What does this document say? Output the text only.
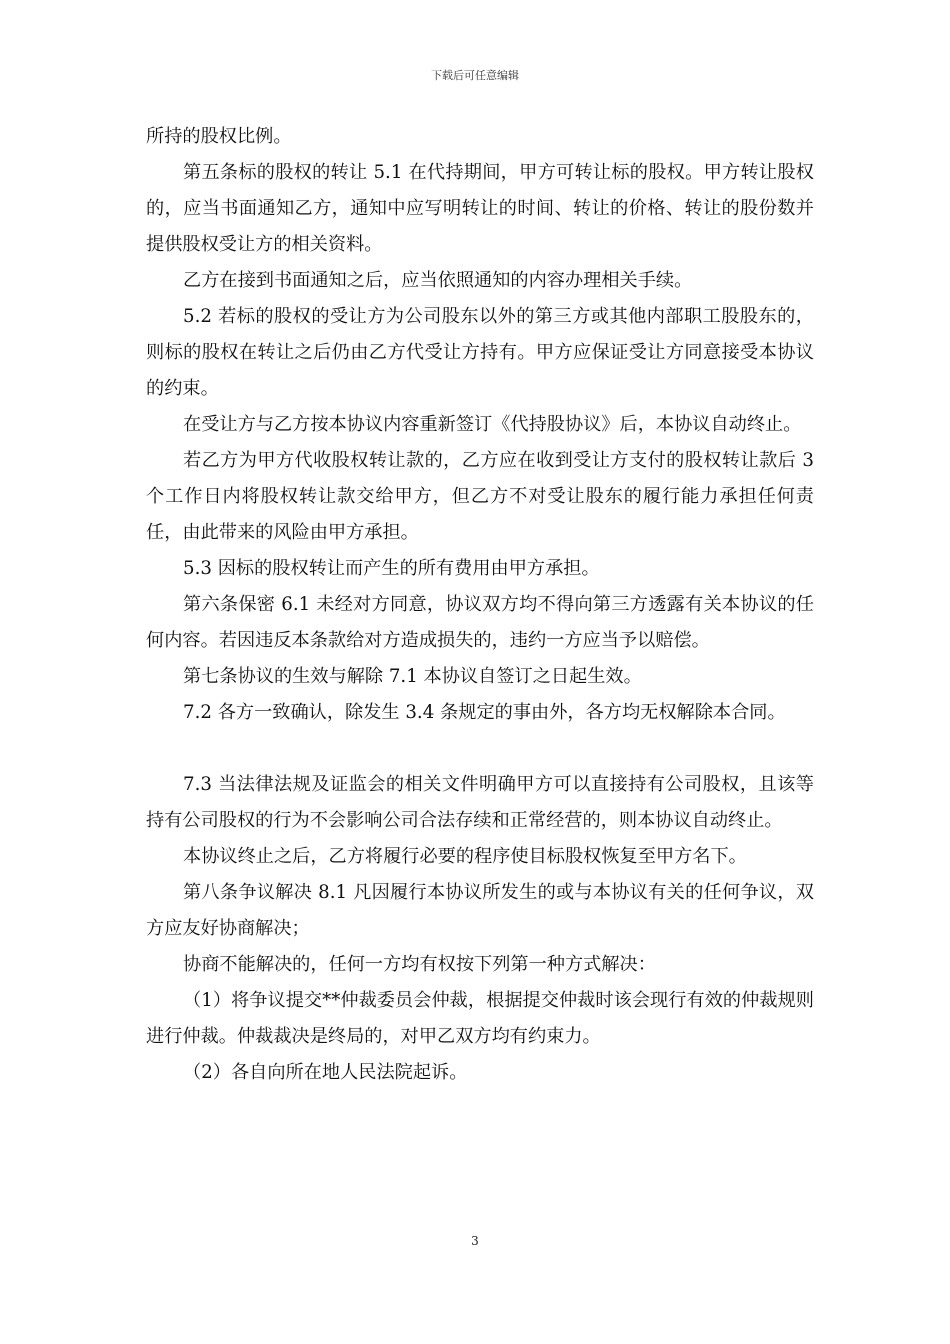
下载后可任意编辑

所持的股权比例。

第五条标的股权的转让 5.1 在代持期间，甲方可转让标的股权。甲方转让股权的，应当书面通知乙方，通知中应写明转让的时间、转让的价格、转让的股份数并提供股权受让方的相关资料。

乙方在接到书面通知之后，应当依照通知的内容办理相关手续。

5.2 若标的股权的受让方为公司股东以外的第三方或其他内部职工股股东的，则标的股权在转让之后仍由乙方代受让方持有。甲方应保证受让方同意接受本协议的约束。

在受让方与乙方按本协议内容重新签订《代持股协议》后，本协议自动终止。

若乙方为甲方代收股权转让款的，乙方应在收到受让方支付的股权转让款后 3 个工作日内将股权转让款交给甲方，但乙方不对受让股东的履行能力承担任何责任，由此带来的风险由甲方承担。

5.3 因标的股权转让而产生的所有费用由甲方承担。

第六条保密 6.1 未经对方同意，协议双方均不得向第三方透露有关本协议的任何内容。若因违反本条款给对方造成损失的，违约一方应当予以赔偿。

第七条协议的生效与解除 7.1 本协议自签订之日起生效。

7.2 各方一致确认，除发生 3.4 条规定的事由外，各方均无权解除本合同。

7.3 当法律法规及证监会的相关文件明确甲方可以直接持有公司股权，且该等持有公司股权的行为不会影响公司合法存续和正常经营的，则本协议自动终止。

本协议终止之后，乙方将履行必要的程序使目标股权恢复至甲方名下。

第八条争议解决 8.1 凡因履行本协议所发生的或与本协议有关的任何争议，双方应友好协商解决；

协商不能解决的，任何一方均有权按下列第一种方式解决：

（1）将争议提交**仲裁委员会仲裁，根据提交仲裁时该会现行有效的仲裁规则进行仲裁。仲裁裁决是终局的，对甲乙双方均有约束力。

（2）各自向所在地人民法院起诉。

3
